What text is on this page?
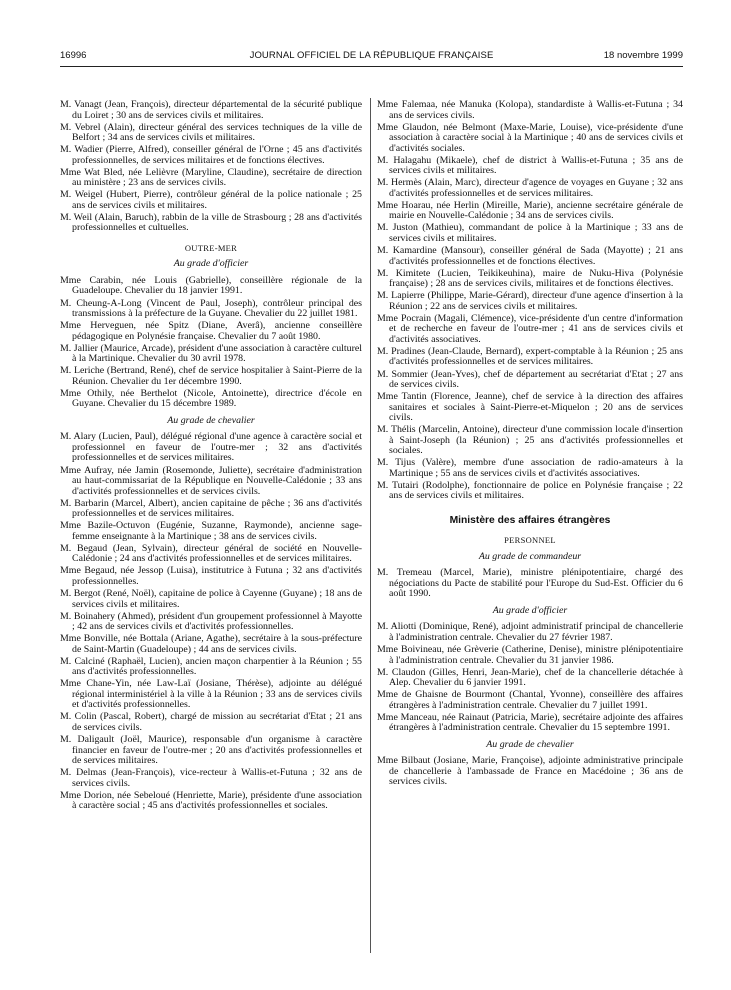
16996	JOURNAL OFFICIEL DE LA RÉPUBLIQUE FRANÇAISE	18 novembre 1999

M. Vanagt (Jean, François), directeur départemental de la sécurité publique du Loiret ; 30 ans de services civils et militaires.

M. Vebrel (Alain), directeur général des services techniques de la ville de Belfort ; 34 ans de services civils et militaires.

M. Wadier (Pierre, Alfred), conseiller général de l'Orne ; 45 ans d'activités professionnelles, de services militaires et de fonctions électives.

Mme Wat Bled, née Lelièvre (Maryline, Claudine), secrétaire de direction au ministère ; 23 ans de services civils.

M. Weigel (Hubert, Pierre), contrôleur général de la police nationale ; 25 ans de services civils et militaires.

M. Weil (Alain, Baruch), rabbin de la ville de Strasbourg ; 28 ans d'activités professionnelles et cultuelles.

OUTRE-MER

Au grade d'officier

Mme Carabin, née Louis (Gabrielle), conseillère régionale de la Guadeloupe. Chevalier du 18 janvier 1991.

M. Cheung-A-Long (Vincent de Paul, Joseph), contrôleur principal des transmissions à la préfecture de la Guyane. Chevalier du 22 juillet 1981.

Mme Herveguen, née Spitz (Diane, Averâ), ancienne conseillère pédagogique en Polynésie française. Chevalier du 7 août 1980.

M. Jallier (Maurice, Arcade), président d'une association à caractère culturel à la Martinique. Chevalier du 30 avril 1978.

M. Leriche (Bertrand, René), chef de service hospitalier à Saint-Pierre de la Réunion. Chevalier du 1er décembre 1990.

Mme Othily, née Berthelot (Nicole, Antoinette), directrice d'école en Guyane. Chevalier du 15 décembre 1989.

Au grade de chevalier

M. Alary (Lucien, Paul), délégué régional d'une agence à caractère social et professionnel en faveur de l'outre-mer ; 32 ans d'activités professionnelles et de services militaires.

Mme Aufray, née Jamin (Rosemonde, Juliette), secrétaire d'administration au haut-commissariat de la République en Nouvelle-Calédonie ; 33 ans d'activités professionnelles et de services civils.

M. Barbarin (Marcel, Albert), ancien capitaine de pêche ; 36 ans d'activités professionnelles et de services militaires.

Mme Bazile-Octuvon (Eugénie, Suzanne, Raymonde), ancienne sage-femme enseignante à la Martinique ; 38 ans de services civils.

M. Begaud (Jean, Sylvain), directeur général de société en Nouvelle-Calédonie ; 24 ans d'activités professionnelles et de services militaires.

Mme Begaud, née Jessop (Luisa), institutrice à Futuna ; 32 ans d'activités professionnelles.

M. Bergot (René, Noël), capitaine de police à Cayenne (Guyane) ; 18 ans de services civils et militaires.

M. Boinahery (Ahmed), président d'un groupement professionnel à Mayotte ; 42 ans de services civils et d'activités professionnelles.

Mme Bonville, née Bottala (Ariane, Agathe), secrétaire à la sous-préfecture de Saint-Martin (Guadeloupe) ; 44 ans de services civils.

M. Calciné (Raphaël, Lucien), ancien maçon charpentier à la Réunion ; 55 ans d'activités professionnelles.

Mme Chane-Yin, née Law-Laï (Josiane, Thérèse), adjointe au délégué régional interministériel à la ville à la Réunion ; 33 ans de services civils et d'activités professionnelles.

M. Colin (Pascal, Robert), chargé de mission au secrétariat d'Etat ; 21 ans de services civils.

M. Daligault (Joël, Maurice), responsable d'un organisme à caractère financier en faveur de l'outre-mer ; 20 ans d'activités professionnelles et de services militaires.

M. Delmas (Jean-François), vice-recteur à Wallis-et-Futuna ; 32 ans de services civils.

Mme Dorion, née Sebeloué (Henriette, Marie), présidente d'une association à caractère social ; 45 ans d'activités professionnelles et sociales.

Mme Falemaa, née Manuka (Kolopa), standardiste à Wallis-et-Futuna ; 34 ans de services civils.

Mme Glaudon, née Belmont (Maxe-Marie, Louise), vice-présidente d'une association à caractère social à la Martinique ; 40 ans de services civils et d'activités sociales.

M. Halagahu (Mikaele), chef de district à Wallis-et-Futuna ; 35 ans de services civils et militaires.

M. Hermès (Alain, Marc), directeur d'agence de voyages en Guyane ; 32 ans d'activités professionnelles et de services militaires.

Mme Hoarau, née Herlin (Mireille, Marie), ancienne secrétaire générale de mairie en Nouvelle-Calédonie ; 34 ans de services civils.

M. Juston (Mathieu), commandant de police à la Martinique ; 33 ans de services civils et militaires.

M. Kamardine (Mansour), conseiller général de Sada (Mayotte) ; 21 ans d'activités professionnelles et de fonctions électives.

M. Kimitete (Lucien, Teikikeuhina), maire de Nuku-Hiva (Polynésie française) ; 28 ans de services civils, militaires et de fonctions électives.

M. Lapierre (Philippe, Marie-Gérard), directeur d'une agence d'insertion à la Réunion ; 22 ans de services civils et militaires.

Mme Pocrain (Magali, Clémence), vice-présidente d'un centre d'information et de recherche en faveur de l'outre-mer ; 41 ans de services civils et d'activités associatives.

M. Pradines (Jean-Claude, Bernard), expert-comptable à la Réunion ; 25 ans d'activités professionnelles et de services militaires.

M. Sommier (Jean-Yves), chef de département au secrétariat d'Etat ; 27 ans de services civils.

Mme Tantin (Florence, Jeanne), chef de service à la direction des affaires sanitaires et sociales à Saint-Pierre-et-Miquelon ; 20 ans de services civils.

M. Thélis (Marcelin, Antoine), directeur d'une commission locale d'insertion à Saint-Joseph (la Réunion) ; 25 ans d'activités professionnelles et sociales.

M. Tijus (Valère), membre d'une association de radio-amateurs à la Martinique ; 55 ans de services civils et d'activités associatives.

M. Tutairi (Rodolphe), fonctionnaire de police en Polynésie française ; 22 ans de services civils et militaires.

Ministère des affaires étrangères

PERSONNEL

Au grade de commandeur

M. Tremeau (Marcel, Marie), ministre plénipotentiaire, chargé des négociations du Pacte de stabilité pour l'Europe du Sud-Est. Officier du 6 août 1990.

Au grade d'officier

M. Aliotti (Dominique, René), adjoint administratif principal de chancellerie à l'administration centrale. Chevalier du 27 février 1987.

Mme Boivineau, née Grèverie (Catherine, Denise), ministre plénipotentiaire à l'administration centrale. Chevalier du 31 janvier 1986.

M. Claudon (Gilles, Henri, Jean-Marie), chef de la chancellerie détachée à Alep. Chevalier du 6 janvier 1991.

Mme de Ghaisne de Bourmont (Chantal, Yvonne), conseillère des affaires étrangères à l'administration centrale. Chevalier du 7 juillet 1991.

Mme Manceau, née Rainaut (Patricia, Marie), secrétaire adjointe des affaires étrangères à l'administration centrale. Chevalier du 15 septembre 1991.

Au grade de chevalier

Mme Bilbaut (Josiane, Marie, Françoise), adjointe administrative principale de chancellerie à l'ambassade de France en Macédoine ; 36 ans de services civils.
